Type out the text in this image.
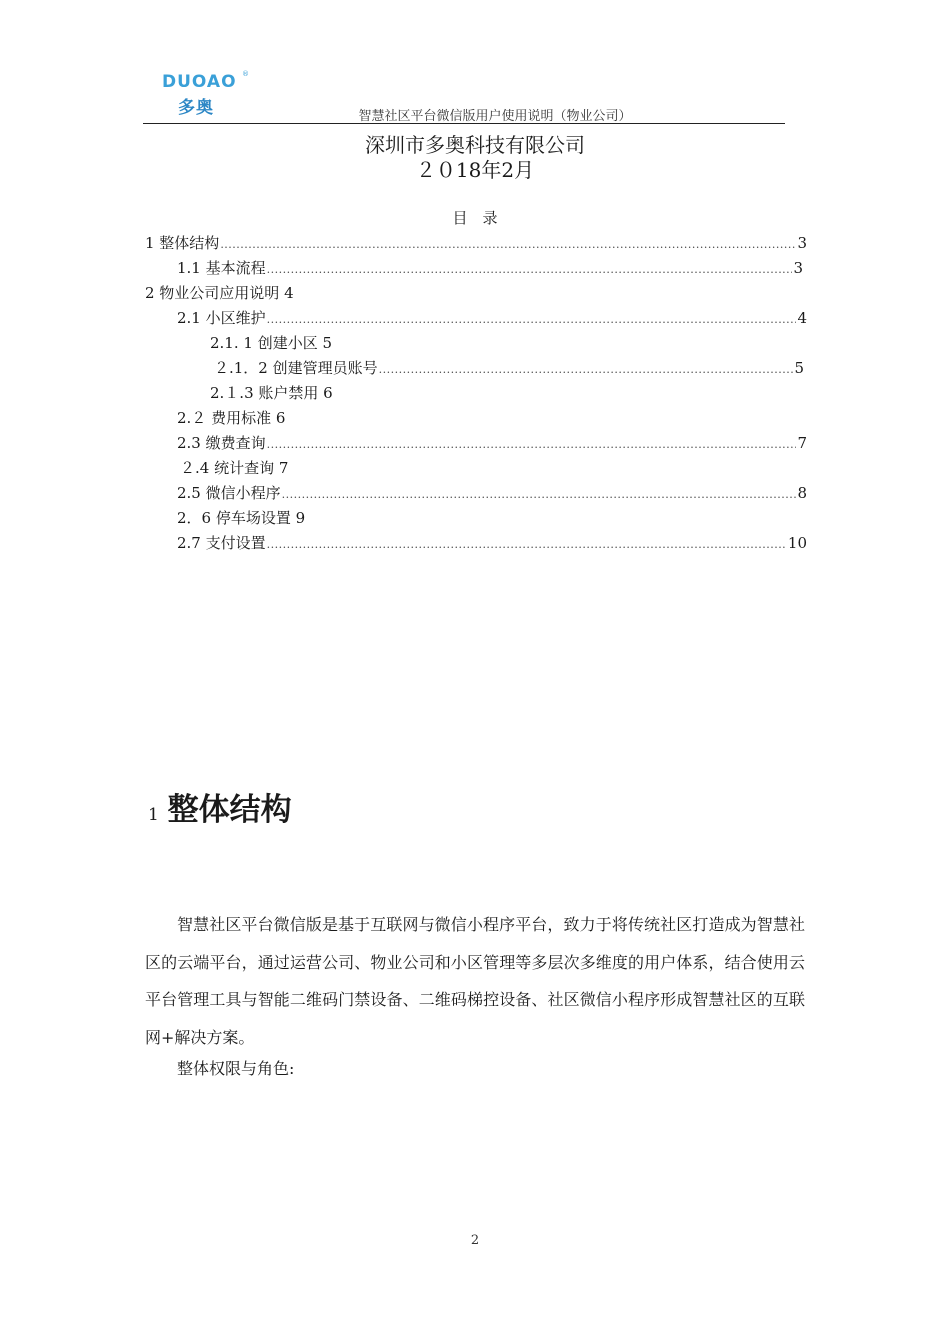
DUOAO ®
多奥	智慧社区平台微信版用户使用说明（物业公司）
深圳市多奥科技有限公司
２０18年2月
目　录
1 整体结构 .....	3
1.1 基本流程 .....	3
2 物业公司应用说明 4
2.1 小区维护 .....	4
2.1. 1 创建小区 5
２.1．2 创建管理员账号 .....	5
2.１.3 账户禁用 6
2.２ 费用标准 6
2.3 缴费查询 .....	7
２.4 统计查询 7
2.5 微信小程序 .....	8
2．6 停车场设置 9
2.7 支付设置 .....	10
1 整体结构
智慧社区平台微信版是基于互联网与微信小程序平台，致力于将传统社区打造成为智慧社区的云端平台，通过运营公司、物业公司和小区管理等多层次多维度的用户体系，结合使用云平台管理工具与智能二维码门禁设备、二维码梯控设备、社区微信小程序形成智慧社区的互联网+解决方案。
整体权限与角色:
2
